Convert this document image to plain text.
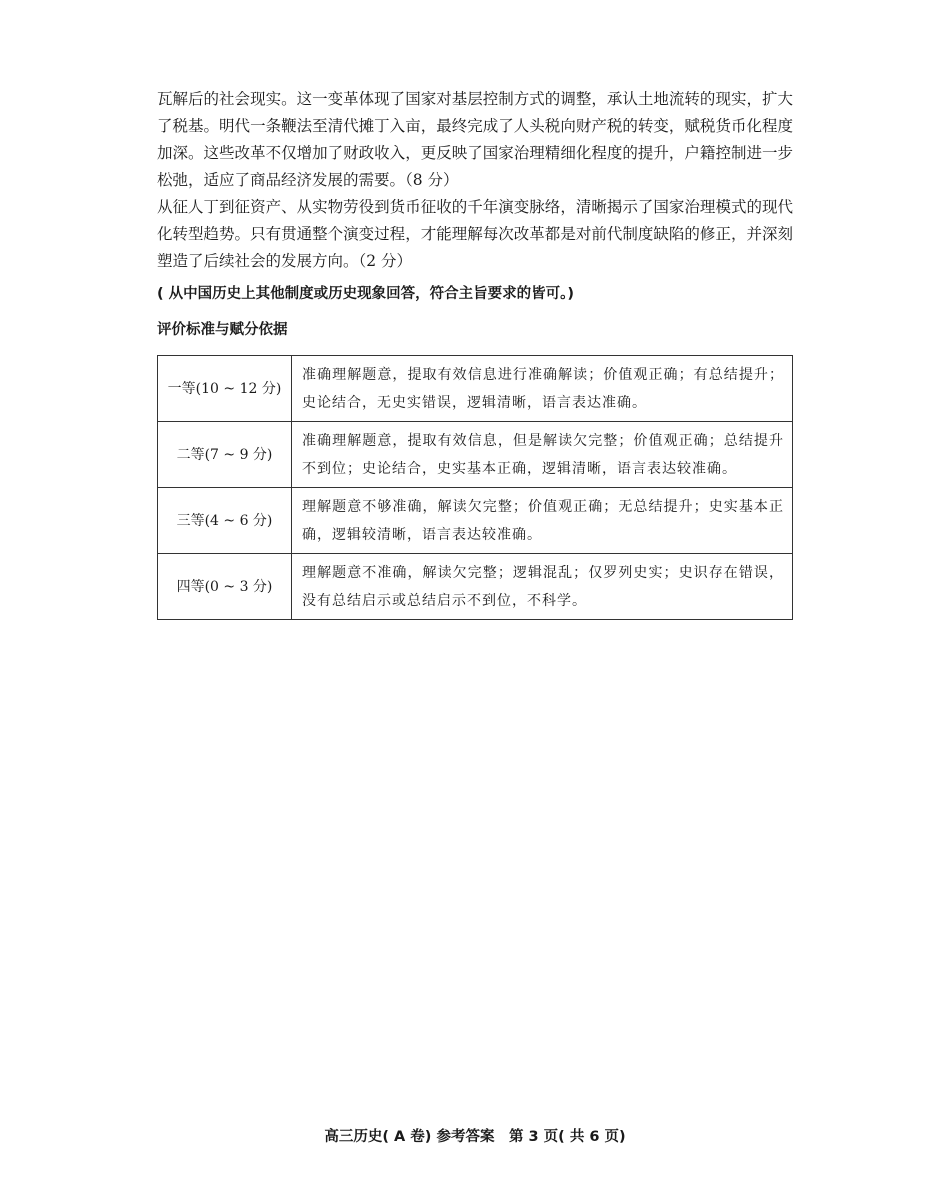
瓦解后的社会现实。这一变革体现了国家对基层控制方式的调整，承认土地流转的现实，扩大了税基。明代一条鞭法至清代摊丁入亩，最终完成了人头税向财产税的转变，赋税货币化程度加深。这些改革不仅增加了财政收入，更反映了国家治理精细化程度的提升，户籍控制进一步松弛，适应了商品经济发展的需要。（8 分）

从征人丁到征资产、从实物劳役到货币征收的千年演变脉络，清晰揭示了国家治理模式的现代化转型趋势。只有贯通整个演变过程，才能理解每次改革都是对前代制度缺陷的修正，并深刻塑造了后续社会的发展方向。（2 分）

( 从中国历史上其他制度或历史现象回答，符合主旨要求的皆可。)

评价标准与赋分依据

一等(10 ~ 12 分)	准确理解题意，提取有效信息进行准确解读；价值观正确；有总结提升；史论结合，无史实错误，逻辑清晰，语言表达准确。
二等(7 ~ 9 分)	准确理解题意，提取有效信息，但是解读欠完整；价值观正确；总结提升不到位；史论结合，史实基本正确，逻辑清晰，语言表达较准确。
三等(4 ~ 6 分)	理解题意不够准确，解读欠完整；价值观正确；无总结提升；史实基本正确，逻辑较清晰，语言表达较准确。
四等(0 ~ 3 分)	理解题意不准确，解读欠完整；逻辑混乱；仅罗列史实；史识存在错误，没有总结启示或总结启示不到位，不科学。
高三历史( A 卷) 参考答案　第 3 页( 共 6 页)
